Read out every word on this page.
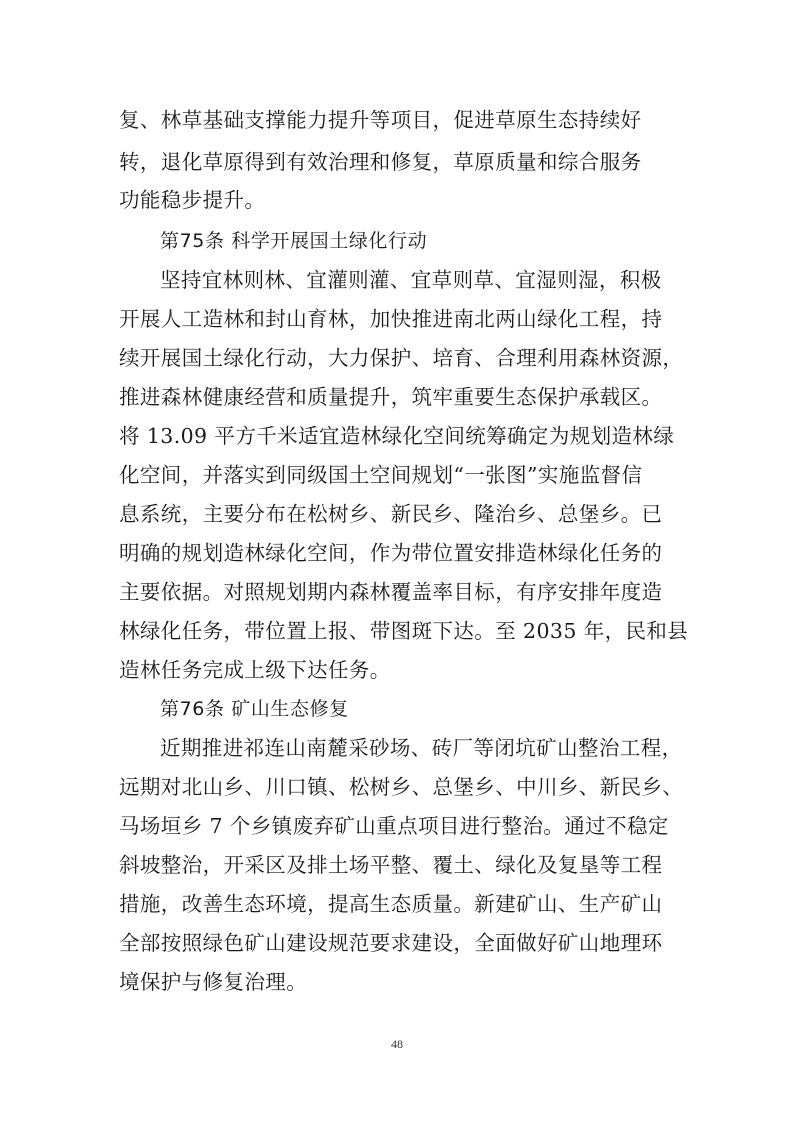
复、林草基础支撑能力提升等项目，促进草原生态持续好
转，退化草原得到有效治理和修复，草原质量和综合服务
功能稳步提升。
第75条 科学开展国土绿化行动
坚持宜林则林、宜灌则灌、宜草则草、宜湿则湿，积极
开展人工造林和封山育林，加快推进南北两山绿化工程，持
续开展国土绿化行动，大力保护、培育、合理利用森林资源，
推进森林健康经营和质量提升，筑牢重要生态保护承载区。
将 13.09 平方千米适宜造林绿化空间统筹确定为规划造林绿
化空间，并落实到同级国土空间规划“一张图”实施监督信
息系统，主要分布在松树乡、新民乡、隆治乡、总堡乡。已
明确的规划造林绿化空间，作为带位置安排造林绿化任务的
主要依据。对照规划期内森林覆盖率目标，有序安排年度造
林绿化任务，带位置上报、带图斑下达。至 2035 年，民和县
造林任务完成上级下达任务。
第76条 矿山生态修复
近期推进祁连山南麓采砂场、砖厂等闭坑矿山整治工程，
远期对北山乡、川口镇、松树乡、总堡乡、中川乡、新民乡、
马场垣乡 7 个乡镇废弃矿山重点项目进行整治。通过不稳定
斜坡整治，开采区及排土场平整、覆土、绿化及复垦等工程
措施，改善生态环境，提高生态质量。新建矿山、生产矿山
全部按照绿色矿山建设规范要求建设，全面做好矿山地理环
境保护与修复治理。
48
